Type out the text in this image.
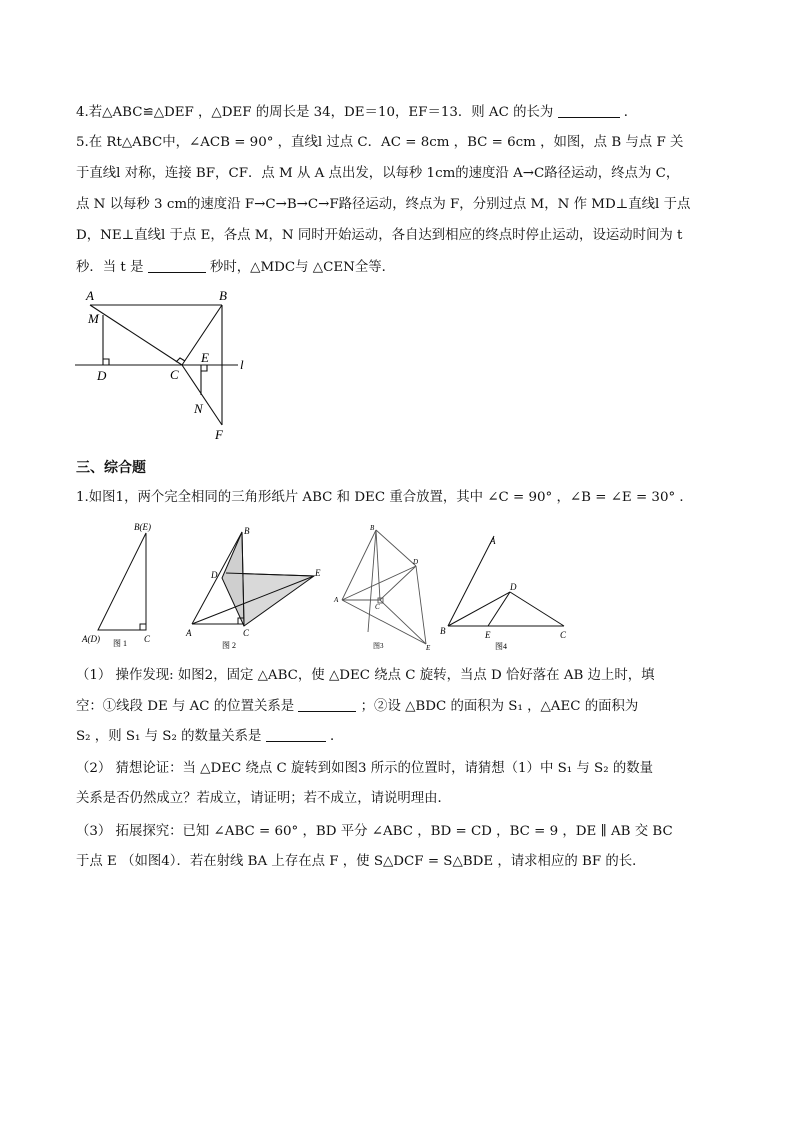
4.若△ABC≌△DEF ，△DEF 的周长是 34，DE＝10，EF＝13．则 AC 的长为	．
5.在 Rt△ABC中，∠ACB = 90° ，直线l 过点 C．AC = 8cm ，BC = 6cm ，如图，点 B 与点 F 关
于直线l 对称，连接 BF，CF．点 M 从 A 点出发，以每秒 1cm的速度沿 A→C路径运动，终点为 C，
点 N 以每秒 3 cm的速度沿 F→C→B→C→F路径运动，终点为 F，分别过点 M，N 作 MD⊥直线l 于点
D，NE⊥直线l 于点 E，各点 M，N 同时开始运动，各自达到相应的终点时停止运动，设运动时间为 t
秒．当 t 是	秒时，△MDC与 △CEN全等．
A	B
M
D	C
E l
N
F
三、综合题
1.如图1，两个完全相同的三角形纸片 ABC 和 DEC 重合放置，其中 ∠C = 90° ，∠B = ∠E = 30° ．
B(E)
A(D)	C
图 1
B
D	E
A	C
图 2
B
D
A
C
E
图3
A
D
B	E	C
图4
（1） 操作发现: 如图2，固定 △ABC，使 △DEC 绕点 C 旋转，当点 D 恰好落在 AB 边上时，填
空：①线段 DE 与 AC 的位置关系是	；②设 △BDC 的面积为 S₁ ，△AEC 的面积为
S₂ ，则 S₁ 与 S₂ 的数量关系是	．
（2） 猜想论证：当 △DEC 绕点 C 旋转到如图3 所示的位置时，请猜想（1）中 S₁ 与 S₂ 的数量
关系是否仍然成立？若成立，请证明；若不成立，请说明理由．
（3） 拓展探究：已知 ∠ABC = 60° ，BD 平分 ∠ABC ，BD = CD ，BC = 9 ，DE ∥ AB 交 BC
于点 E （如图4）．若在射线 BA 上存在点 F ，使 S△DCF = S△BDE ，请求相应的 BF 的长．
